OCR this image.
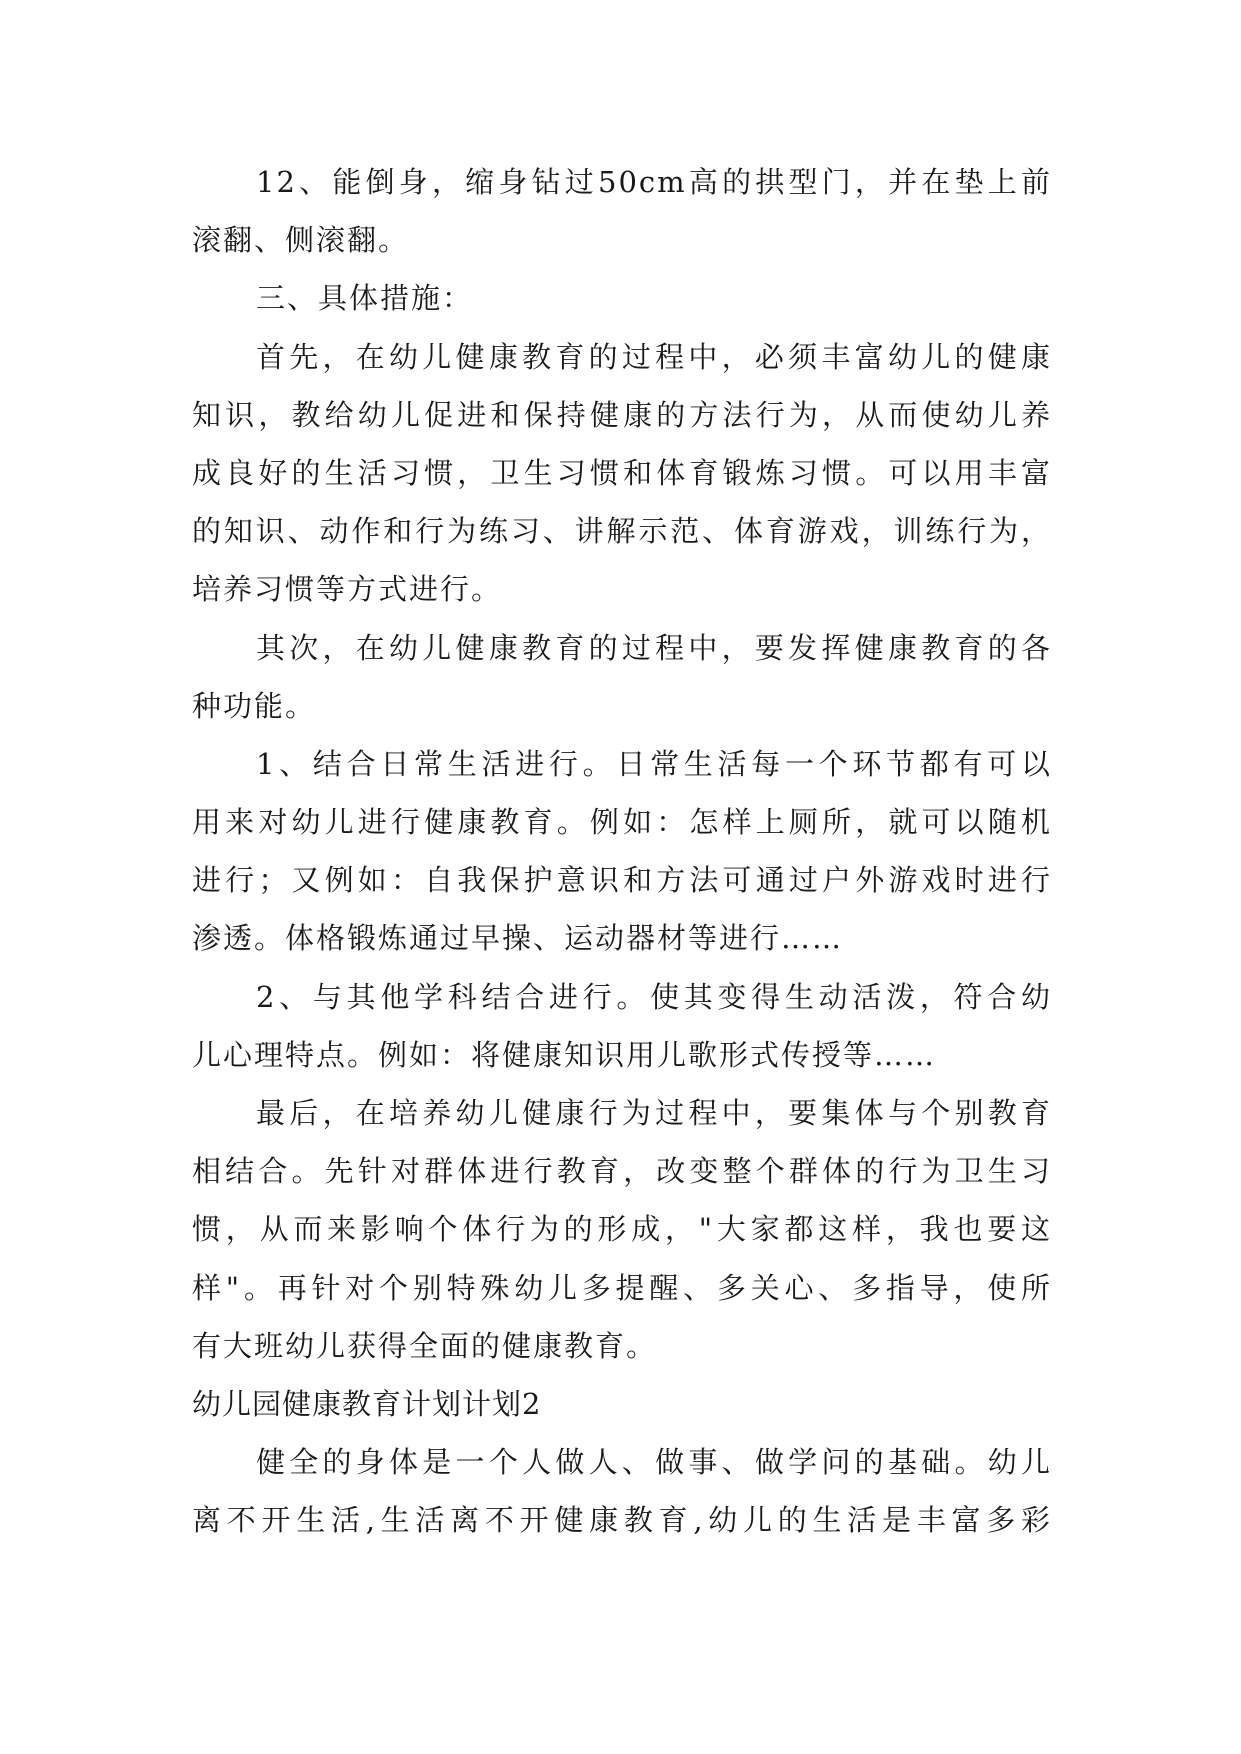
12、能倒身，缩身钻过50cm高的拱型门，并在垫上前
滚翻、侧滚翻。
三、具体措施：
首先，在幼儿健康教育的过程中，必须丰富幼儿的健康
知识，教给幼儿促进和保持健康的方法行为，从而使幼儿养
成良好的生活习惯，卫生习惯和体育锻炼习惯。可以用丰富
的知识、动作和行为练习、讲解示范、体育游戏，训练行为，
培养习惯等方式进行。
其次，在幼儿健康教育的过程中，要发挥健康教育的各
种功能。
1、结合日常生活进行。日常生活每一个环节都有可以
用来对幼儿进行健康教育。例如：怎样上厕所，就可以随机
进行；又例如：自我保护意识和方法可通过户外游戏时进行
渗透。体格锻炼通过早操、运动器材等进行……
2、与其他学科结合进行。使其变得生动活泼，符合幼
儿心理特点。例如：将健康知识用儿歌形式传授等……
最后，在培养幼儿健康行为过程中，要集体与个别教育
相结合。先针对群体进行教育，改变整个群体的行为卫生习
惯，从而来影响个体行为的形成，"大家都这样，我也要这
样"。再针对个别特殊幼儿多提醒、多关心、多指导，使所
有大班幼儿获得全面的健康教育。
幼儿园健康教育计划计划2
健全的身体是一个人做人、做事、做学问的基础。幼儿
离不开生活,生活离不开健康教育,幼儿的生活是丰富多彩
